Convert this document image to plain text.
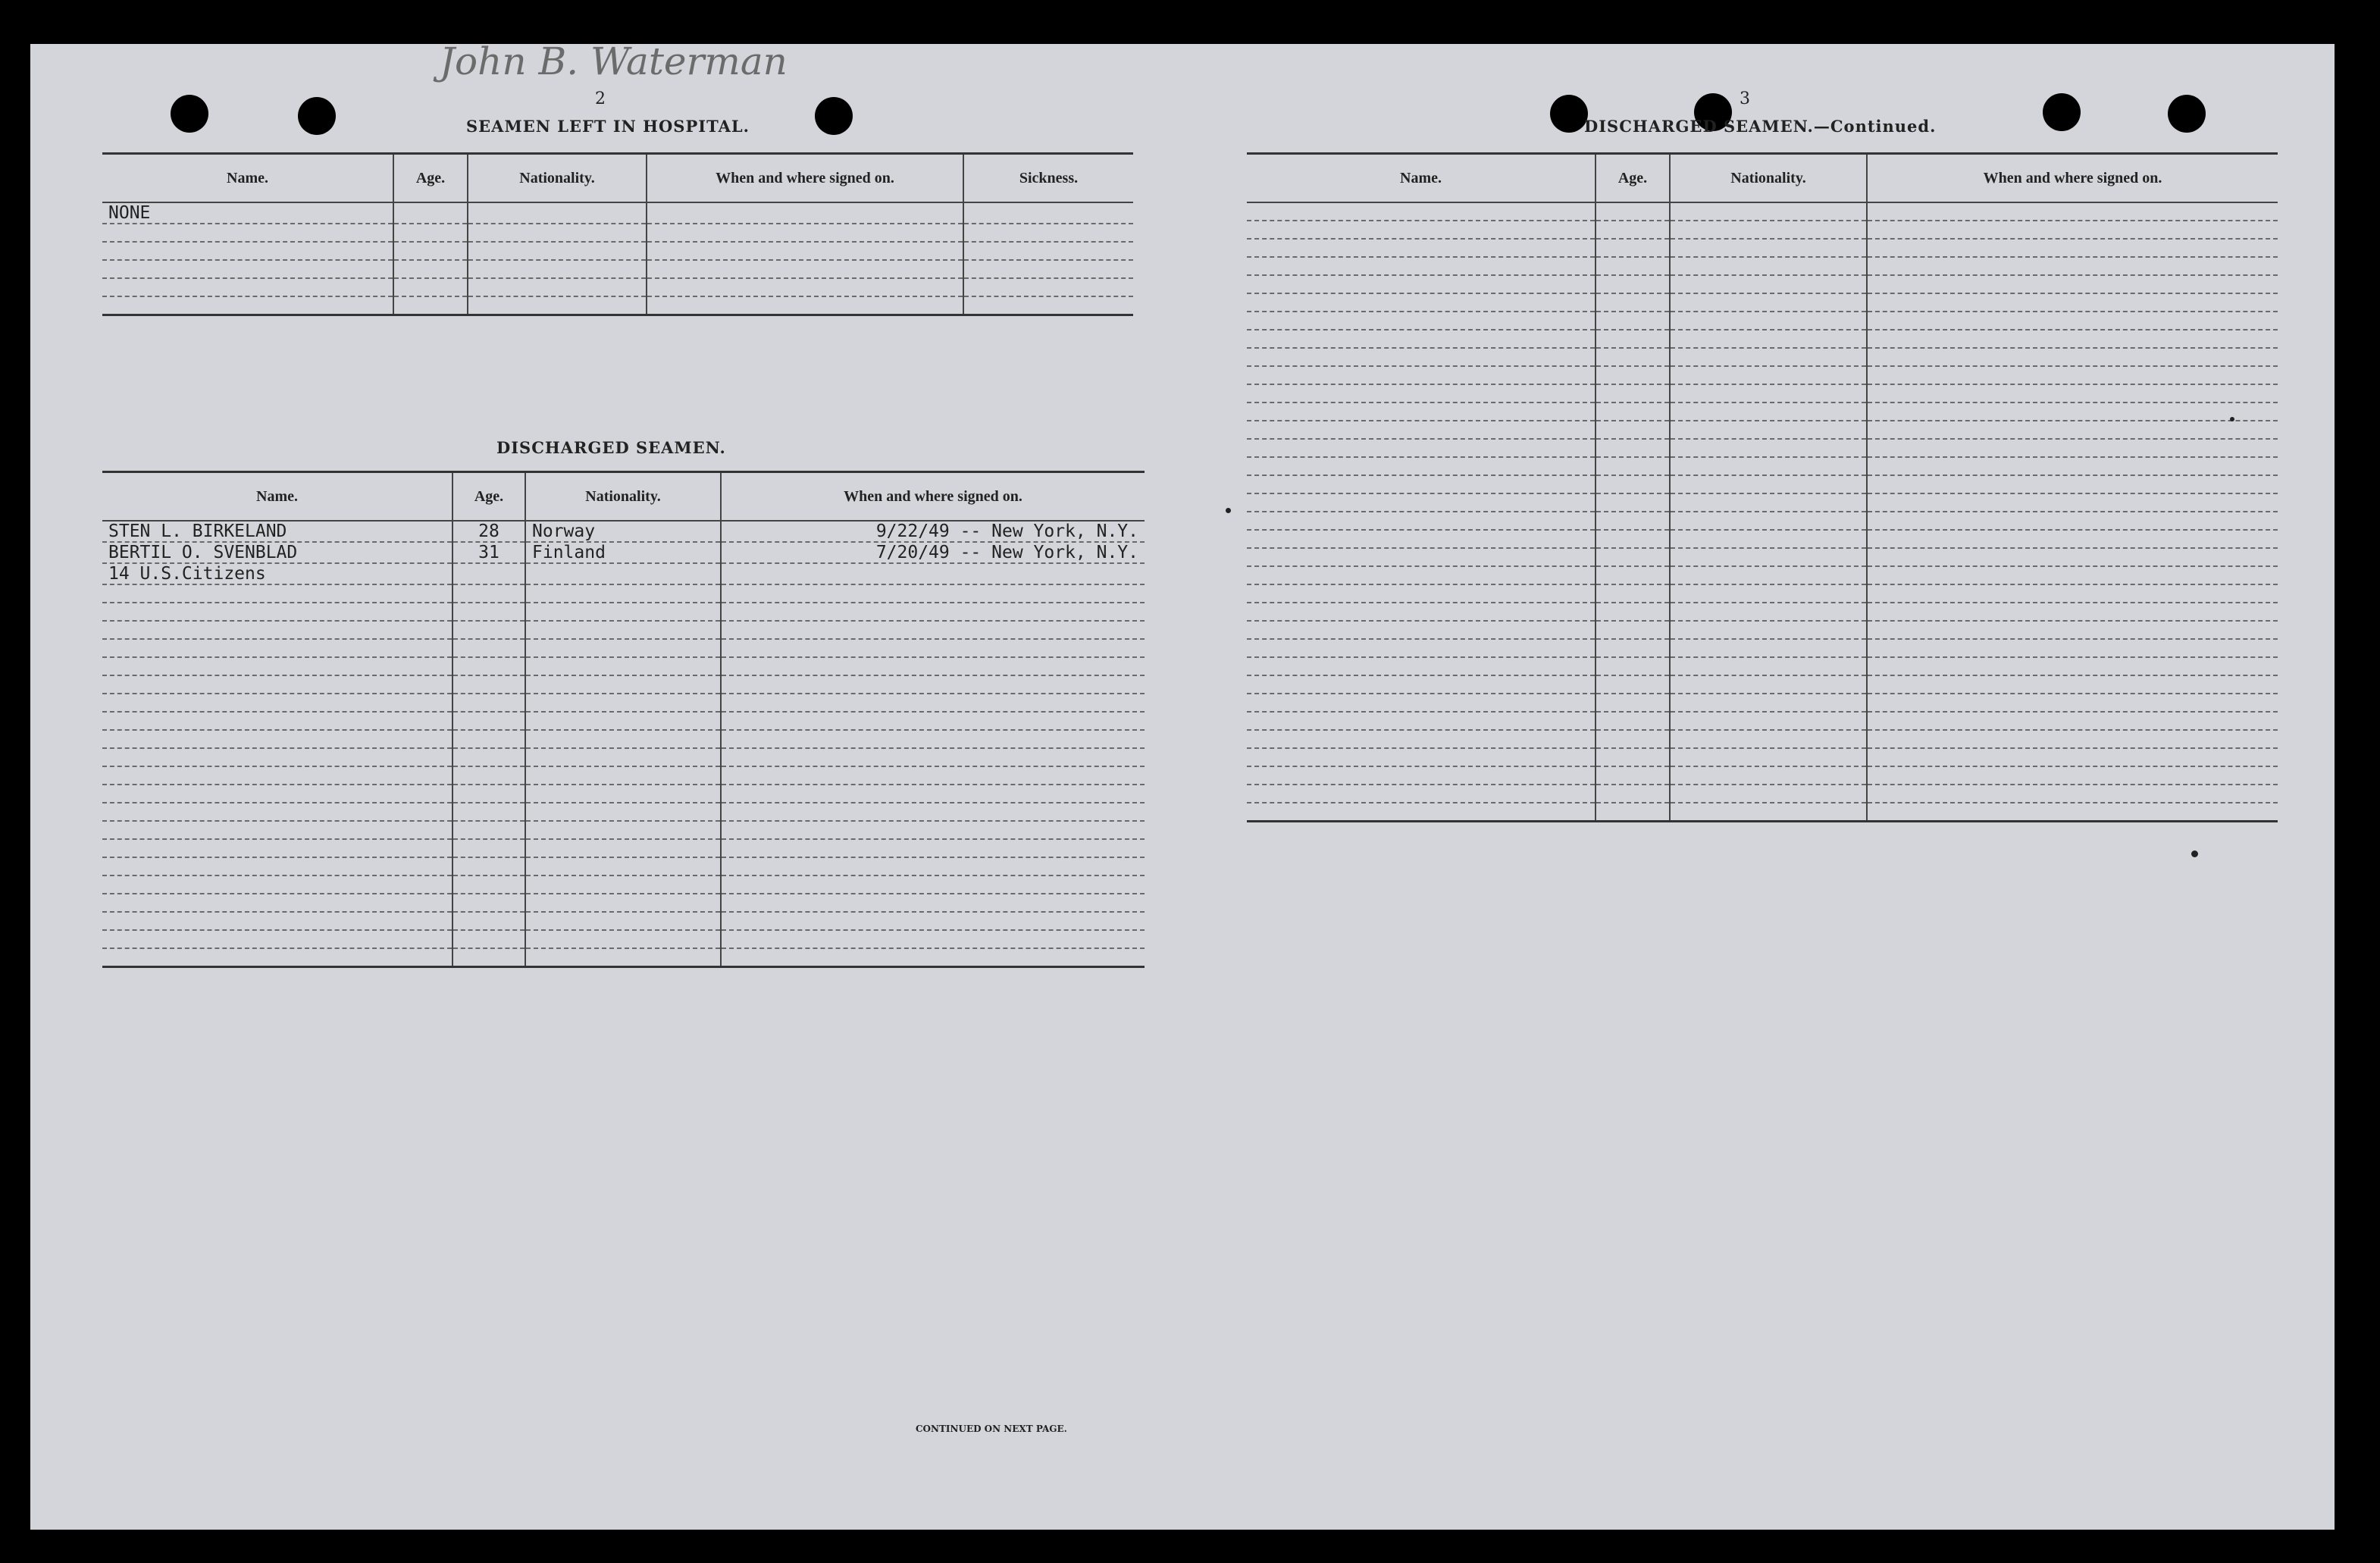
John B. Waterman
2
SEAMEN LEFT IN HOSPITAL.
Name.	Age.	Nationality.	When and where signed on.	Sickness.
NONE				

DISCHARGED SEAMEN.
Name.	Age.	Nationality.	When and where signed on.
STEN L. BIRKELAND	28	Norway	9/22/49 -- New York, N.Y.
BERTIL O. SVENBLAD	31	Finland	7/20/49 -- New York, N.Y.
14 U.S.Citizens			

CONTINUED ON NEXT PAGE.
3
DISCHARGED SEAMEN.—Continued.
Name.	Age.	Nationality.	When and where signed on.
